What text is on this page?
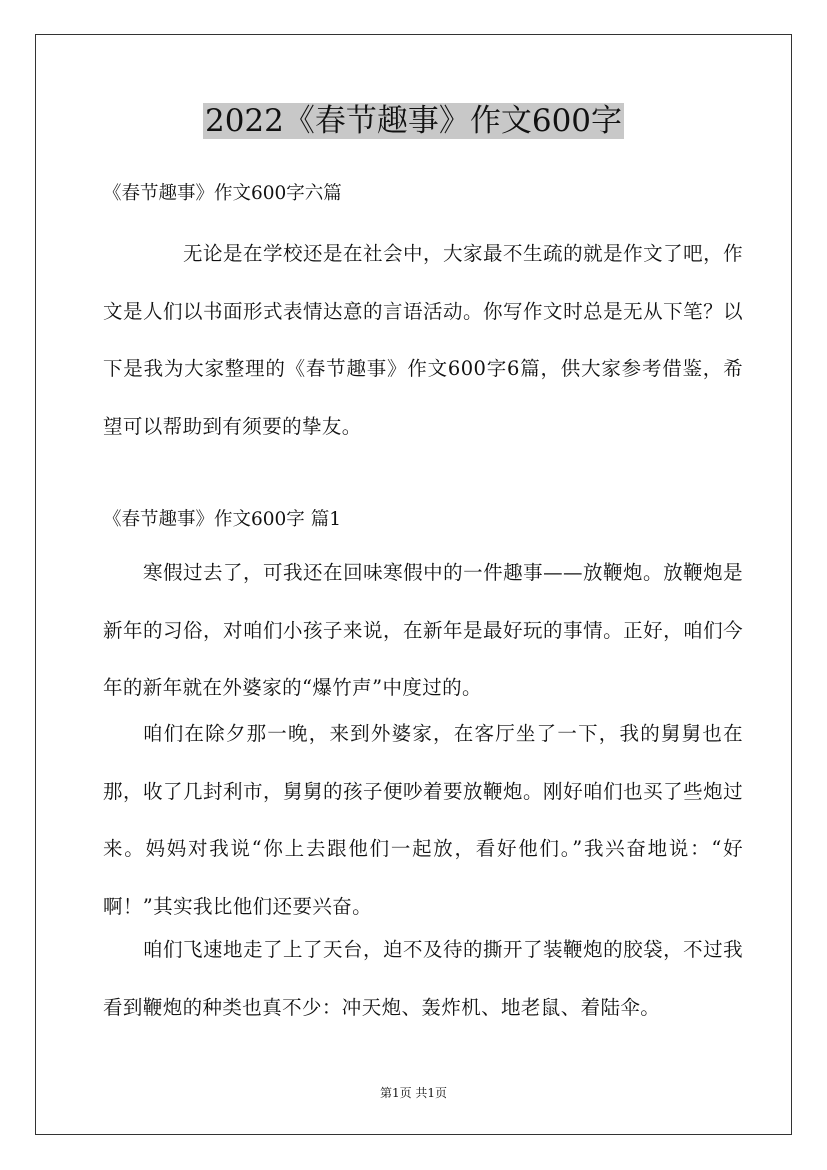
2022《春节趣事》作文600字

《春节趣事》作文600字六篇

无论是在学校还是在社会中，大家最不生疏的就是作文了吧，作文是人们以书面形式表情达意的言语活动。你写作文时总是无从下笔？以下是我为大家整理的《春节趣事》作文600字6篇，供大家参考借鉴，希望可以帮助到有须要的挚友。

《春节趣事》作文600字 篇1

寒假过去了，可我还在回味寒假中的一件趣事——放鞭炮。放鞭炮是新年的习俗，对咱们小孩子来说，在新年是最好玩的事情。正好，咱们今年的新年就在外婆家的“爆竹声”中度过的。

咱们在除夕那一晚，来到外婆家，在客厅坐了一下，我的舅舅也在那，收了几封利市，舅舅的孩子便吵着要放鞭炮。刚好咱们也买了些炮过来。妈妈对我说“你上去跟他们一起放，看好他们。”我兴奋地说：“好啊！”其实我比他们还要兴奋。

咱们飞速地走了上了天台，迫不及待的撕开了装鞭炮的胶袋，不过我看到鞭炮的种类也真不少：冲天炮、轰炸机、地老鼠、着陆伞。

第1页 共1页
